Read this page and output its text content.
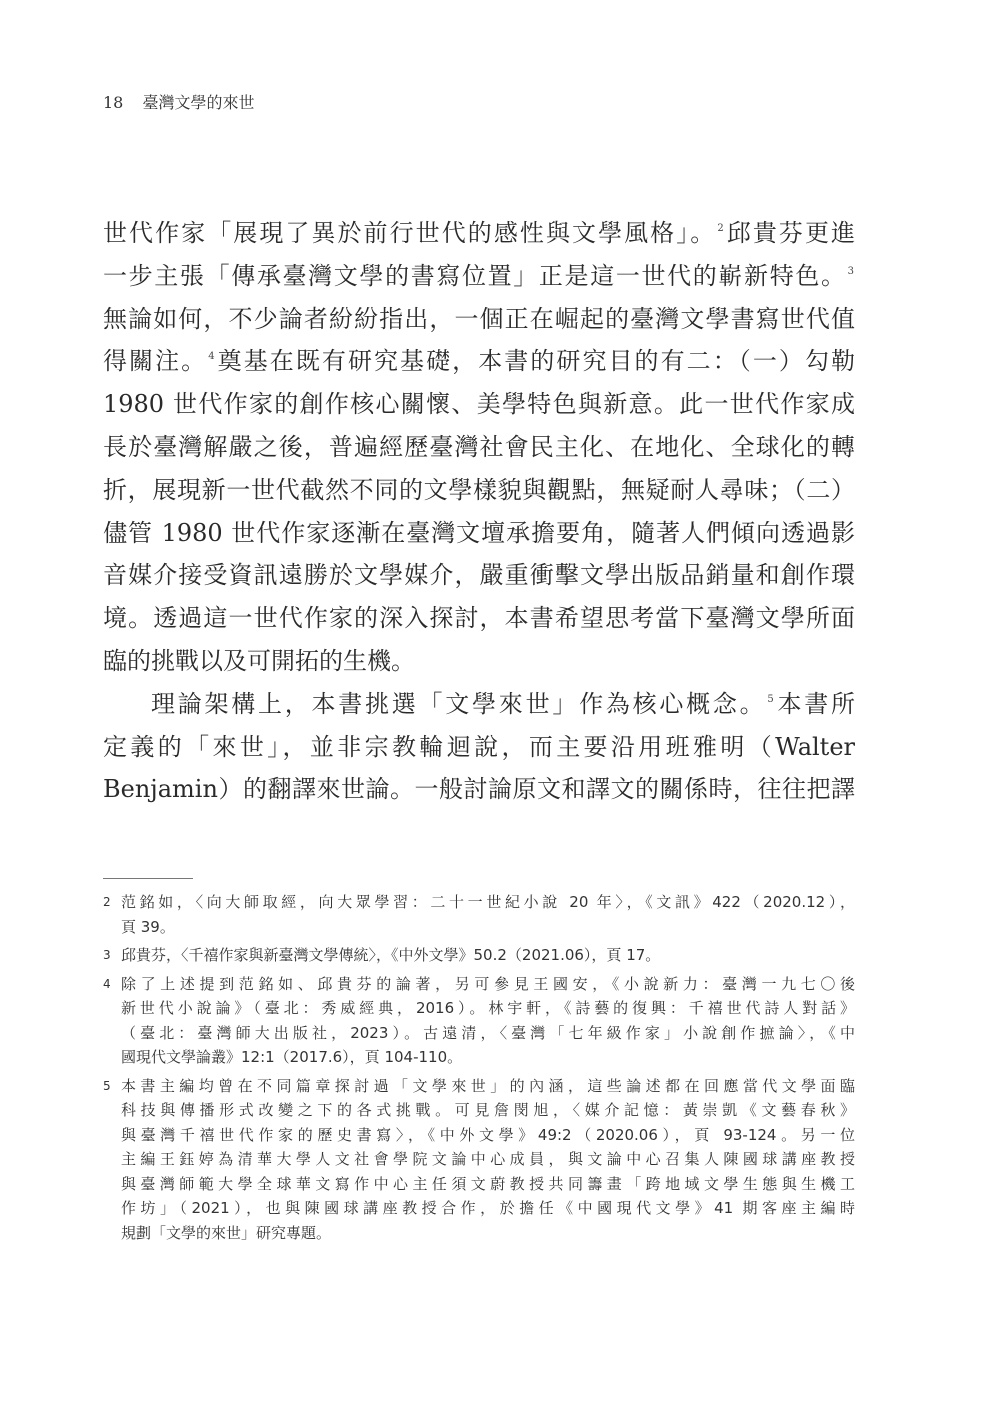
18 臺灣文學的來世
世代作家「展現了異於前行世代的感性與文學風格」。$^2$邱貴芬更進
一步主張「傳承臺灣文學的書寫位置」正是這一世代的嶄新特色。$^3$
無論如何，不少論者紛紛指出，一個正在崛起的臺灣文學書寫世代值
得關注。$^4$奠基在既有研究基礎，本書的研究目的有二：（一）勾勒
1980 世代作家的創作核心關懷、美學特色與新意。此一世代作家成
長於臺灣解嚴之後，普遍經歷臺灣社會民主化、在地化、全球化的轉
折，展現新一世代截然不同的文學樣貌與觀點，無疑耐人尋味；（二）
儘管 1980 世代作家逐漸在臺灣文壇承擔要角，隨著人們傾向透過影
音媒介接受資訊遠勝於文學媒介，嚴重衝擊文學出版品銷量和創作環
境。透過這一世代作家的深入探討，本書希望思考當下臺灣文學所面
臨的挑戰以及可開拓的生機。
理論架構上，本書挑選「文學來世」作為核心概念。$^5$本書所
定義的「來世」，並非宗教輪迴說，而主要沿用班雅明（Walter
Benjamin）的翻譯來世論。一般討論原文和譯文的關係時，往往把譯
2 范銘如，〈向大師取經，向大眾學習：二十一世紀小說 20 年〉，《文訊》422（2020.12），
頁 39。
3 邱貴芬，〈千禧作家與新臺灣文學傳統〉，《中外文學》50.2（2021.06），頁 17。
4 除了上述提到范銘如、邱貴芬的論著，另可參見王國安，《小說新力：臺灣一九七〇後
新世代小說論》（臺北：秀威經典，2016）。林宇軒，《詩藝的復興：千禧世代詩人對話》
（臺北：臺灣師大出版社，2023）。古遠清，〈臺灣「七年級作家」小說創作摭論〉，《中
國現代文學論叢》12:1（2017.6），頁 104-110。
5 本書主編均曾在不同篇章探討過「文學來世」的內涵，這些論述都在回應當代文學面臨
科技與傳播形式改變之下的各式挑戰。可見詹閔旭，〈媒介記憶：黃崇凱《文藝春秋》
與臺灣千禧世代作家的歷史書寫〉，《中外文學》49:2（2020.06），頁 93-124。另一位
主編王鈺婷為清華大學人文社會學院文論中心成員，與文論中心召集人陳國球講座教授
與臺灣師範大學全球華文寫作中心主任須文蔚教授共同籌畫「跨地域文學生態與生機工
作坊」（2021），也與陳國球講座教授合作，於擔任《中國現代文學》41 期客座主編時
規劃「文學的來世」研究專題。
